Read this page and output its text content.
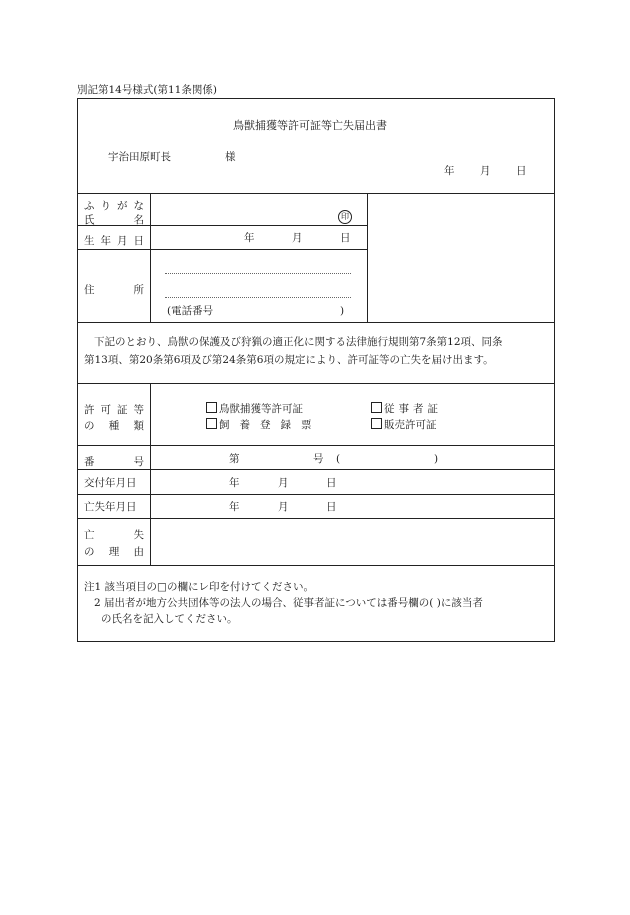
別記第14号様式(第11条関係)
鳥獣捕獲等許可証等亡失届出書
宇治田原町長	様
年 月 日
ふ り が な
氏	名	印
生 年 月 日	年	月	日
住	所
(電話番号	)
下記のとおり、鳥獣の保護及び狩猟の適正化に関する法律施行規則第7条第12項、同条
第13項、第20条第6項及び第24条第6項の規定により、許可証等の亡失を届け出ます。
許 可 証 等
の 種 類
鳥獣捕獲等許可証	従事者証
飼養登録票	販売許可証
番	号	第	号 (	)
交付年月日	年	月	日
亡失年月日	年	月	日
亡	失
の 理 由
注1 該当項目の□の欄にレ印を付けてください。
2 届出者が地方公共団体等の法人の場合、従事者証については番号欄の( )に該当者
の氏名を記入してください。
